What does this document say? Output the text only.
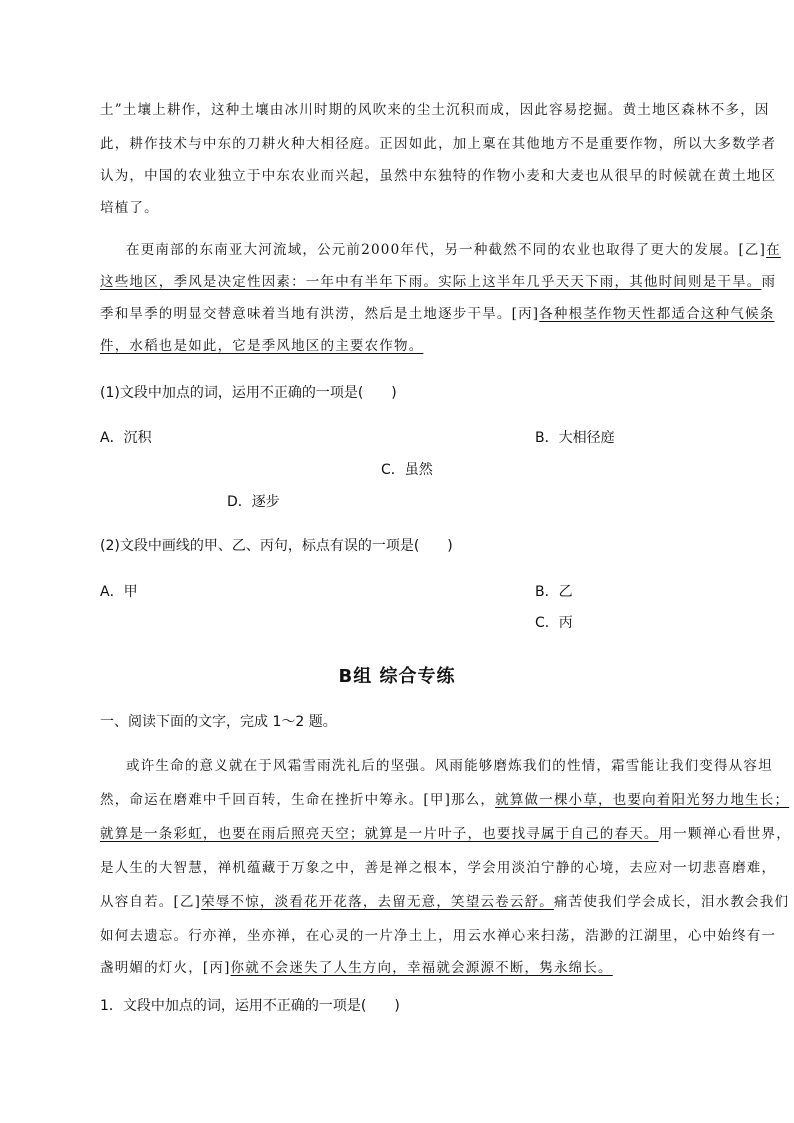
土”土壤上耕作，这种土壤由冰川时期的风吹来的尘土沉积而成，因此容易挖掘。黄土地区森林不多，因
此，耕作技术与中东的刀耕火种大相径庭。正因如此，加上稟在其他地方不是重要作物，所以大多数学者
认为，中国的农业独立于中东农业而兴起，虽然中东独特的作物小麦和大麦也从很早的时候就在黄土地区
培植了。
在更南部的东南亚大河流域，公元前2000年代，另一种截然不同的农业也取得了更大的发展。[乙]在
这些地区，季风是决定性因素：一年中有半年下雨。实际上这半年几乎天天下雨，其他时间则是干旱。雨
季和旱季的明显交替意味着当地有洪涝，然后是土地逐步干旱。[丙]各种根茎作物天性都适合这种气候条
件，水稻也是如此，它是季风地区的主要农作物。
(1)文段中加点的词，运用不正确的一项是(　　)
A．沉积	B．大相径庭
C．虽然
D．逐步
(2)文段中画线的甲、乙、丙句，标点有误的一项是(　　)
A．甲	B．乙
C．丙
B组 综合专练
一、阅读下面的文字，完成 1～2 题。
或许生命的意义就在于风霜雪雨洗礼后的坚强。风雨能够磨炼我们的性情，霜雪能让我们变得从容坦
然，命运在磨难中千回百转，生命在挫折中筹永。[甲]那么，就算做一棵小草，也要向着阳光努力地生长；
就算是一条彩虹，也要在雨后照亮天空；就算是一片叶子，也要找寻属于自己的春天。用一颗禅心看世界，
是人生的大智慧，禅机蕴藏于万象之中，善是禅之根本，学会用淡泊宁静的心境，去应对一切悲喜磨难，
从容自若。[乙]荣辱不惊，淡看花开花落，去留无意，笑望云卷云舒。痛苦使我们学会成长，泪水教会我们
如何去遗忘。行亦禅，坐亦禅，在心灵的一片净土上，用云水禅心来扫荡，浩渺的江湖里，心中始终有一
盏明媚的灯火，[丙]你就不会迷失了人生方向，幸福就会源源不断，隽永绵长。
1．文段中加点的词，运用不正确的一项是(　　)
